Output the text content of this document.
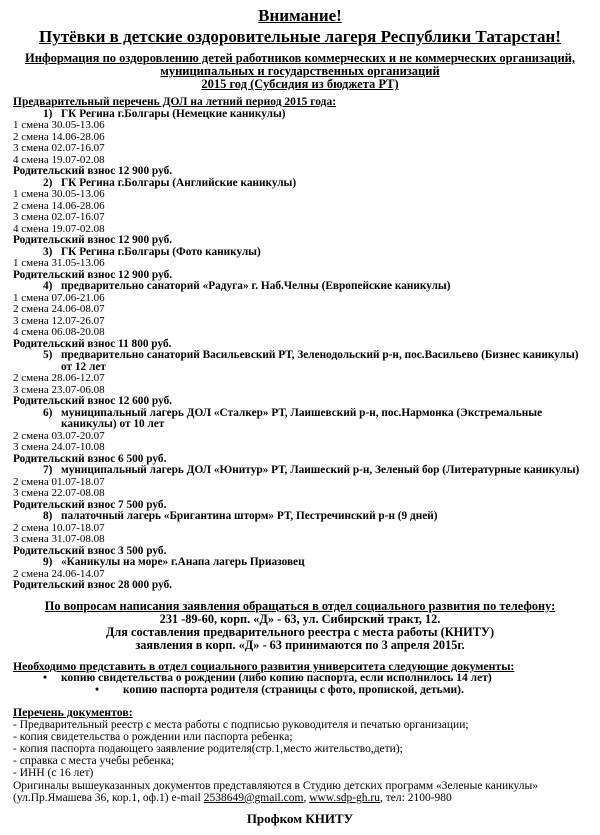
Внимание!
Путёвки в детские оздоровительные лагеря Республики Татарстан!
Информация по оздоровлению детей работников коммерческих и не коммерческих организаций,
муниципальных и государственных организаций
2015 год (Субсидия из бюджета РТ)
Предварительный перечень ДОЛ на летний период 2015 года:
1) ГК Регина г.Болгары (Немецкие каникулы)
1 смена 30.05-13.06
2 смена 14.06-28.06
3 смена 02.07-16.07
4 смена 19.07-02.08
Родительский взнос 12 900 руб.
2) ГК Регина г.Болгары (Английские каникулы)
1 смена 30.05-13.06
2 смена 14.06-28.06
3 смена 02.07-16.07
4 смена 19.07-02.08
Родительский взнос 12 900 руб.
3) ГК Регина г.Болгары (Фото каникулы)
1 смена 31.05-13.06
Родительский взнос 12 900 руб.
4) предварительно санаторий «Радуга» г. Наб.Челны (Европейские каникулы)
1 смена 07.06-21.06
2 смена 24.06-08.07
3 смена 12.07-26.07
4 смена 06.08-20.08
Родительский взнос 11 800 руб.
5) предварительно санаторий Васильевский РТ, Зеленодольский р-н, пос.Васильево (Бизнес каникулы) от 12 лет
2 смена 28.06-12.07
3 смена 23.07-06.08
Родительский взнос 12 600 руб.
6) муниципальный лагерь ДОЛ «Сталкер» РТ, Лаишевский р-н, пос.Нармонка (Экстремальные каникулы) от 10 лет
2 смена 03.07-20.07
3 смена 24.07-10.08
Родительский взнос 6 500 руб.
7) муниципальный лагерь ДОЛ «Юнитур» РТ, Лаишеский р-н, Зеленый бор (Литературные каникулы)
2 смена 01.07-18.07
3 смена 22.07-08.08
Родительский взнос 7 500 руб.
8) палаточный лагерь «Бригантина шторм» РТ, Пестречинский р-н (9 дней)
2 смена 10.07-18.07
3 смена 31.07-08.08
Родительский взнос 3 500 руб.
9) «Каникулы на море» г.Анапа лагерь Приазовец
2 смена 24.06-14.07
Родительский взнос 28 000 руб.
По вопросам написания заявления обращаться в отдел социального развития по телефону:
231 -89-60, корп. «Д» - 63, ул. Сибирский тракт, 12.
Для составления предварительного реестра с места работы (КНИТУ)
заявления в корп. «Д» - 63 принимаются по 3 апреля 2015г.
Необходимо представить в отдел социального развития университета следующие документы:
•	копию свидетельства о рождении (либо копию паспорта, если исполнилось 14 лет)
•	копию паспорта родителя (страницы с фото, пропиской, детьми).
Перечень документов:
- Предварительный реестр с места работы с подписью руководителя и печатью организации;
- копия свидетельства о рождении или паспорта ребенка;
- копия паспорта подающего заявление родителя(стр.1,место жительство,дети);
- справка с места учебы ребенка;
- ИНН (с 16 лет)
Оригиналы вышеуказанных документов представляются в Студию детских программ «Зеленые каникулы» (ул.Пр.Ямашева 36, кор.1, оф.1) e-mail 2538649@gmail.com, www.sdp-gh.ru, тел: 2100-980
Профком КНИТУ
